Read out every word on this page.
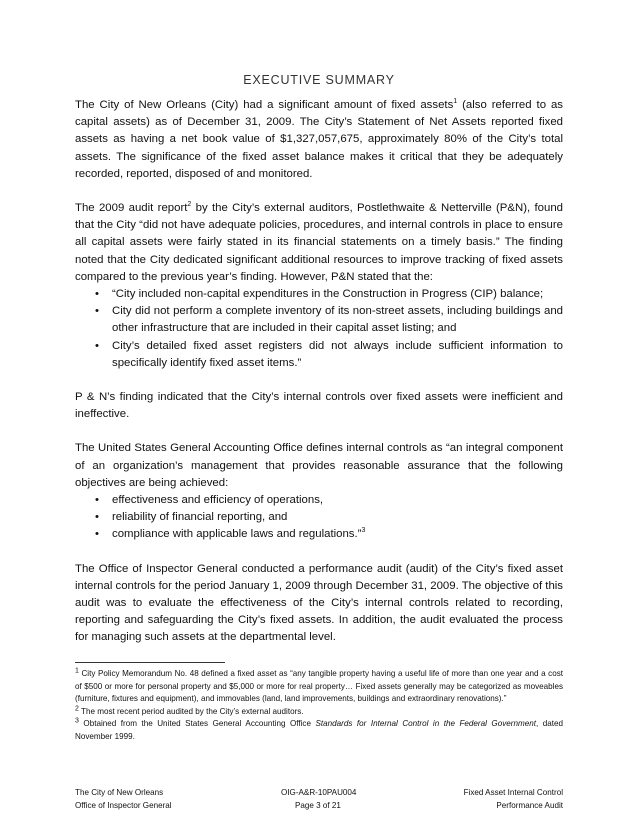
EXECUTIVE SUMMARY

The City of New Orleans (City) had a significant amount of fixed assets$^1$ (also referred to as capital assets) as of December 31, 2009. The City’s Statement of Net Assets reported fixed assets as having a net book value of $1,327,057,675, approximately 80% of the City’s total assets. The significance of the fixed asset balance makes it critical that they be adequately recorded, reported, disposed of and monitored.

The 2009 audit report$^2$ by the City’s external auditors, Postlethwaite & Netterville (P&N), found that the City “did not have adequate policies, procedures, and internal controls in place to ensure all capital assets were fairly stated in its financial statements on a timely basis.” The finding noted that the City dedicated significant additional resources to improve tracking of fixed assets compared to the previous year’s finding. However, P&N stated that the:

• “City included non-capital expenditures in the Construction in Progress (CIP) balance;
• City did not perform a complete inventory of its non-street assets, including buildings and other infrastructure that are included in their capital asset listing; and
• City’s detailed fixed asset registers did not always include sufficient information to specifically identify fixed asset items.”

P & N’s finding indicated that the City’s internal controls over fixed assets were inefficient and ineffective.

The United States General Accounting Office defines internal controls as “an integral component of an organization’s management that provides reasonable assurance that the following objectives are being achieved:

• effectiveness and efficiency of operations,
• reliability of financial reporting, and
• compliance with applicable laws and regulations.”$^3$

The Office of Inspector General conducted a performance audit (audit) of the City’s fixed asset internal controls for the period January 1, 2009 through December 31, 2009. The objective of this audit was to evaluate the effectiveness of the City’s internal controls related to recording, reporting and safeguarding the City’s fixed assets. In addition, the audit evaluated the process for managing such assets at the departmental level.

$^1$ City Policy Memorandum No. 48 defined a fixed asset as “any tangible property having a useful life of more than one year and a cost of $500 or more for personal property and $5,000 or more for real property… Fixed assets generally may be categorized as moveables (furniture, fixtures and equipment), and immovables (land, land improvements, buildings and extraordinary renovations).”

$^2$ The most recent period audited by the City’s external auditors.

$^3$ Obtained from the United States General Accounting Office Standards for Internal Control in the Federal Government, dated November 1999.

The City of New Orleans
Office of Inspector General
OIG-A&R-10PAU004
Page 3 of 21
Fixed Asset Internal Control
Performance Audit
